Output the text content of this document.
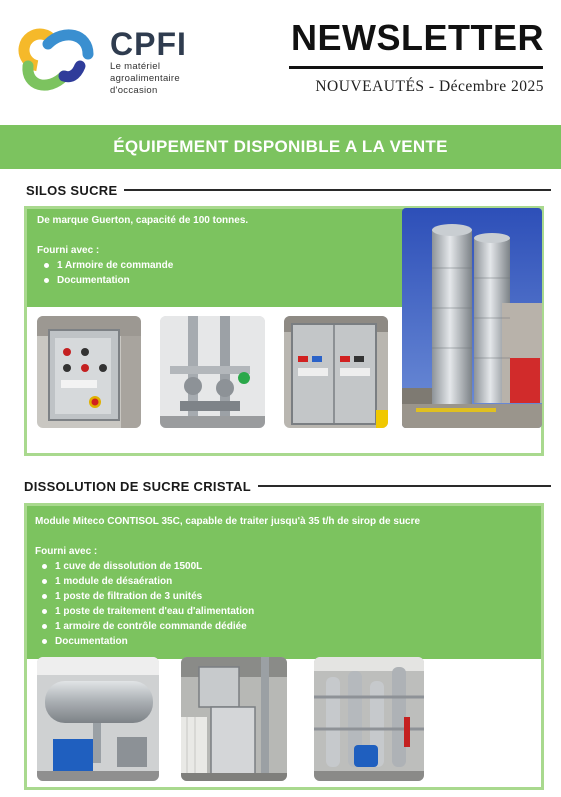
CPFI
Le matériel
agroalimentaire
d'occasion
NEWSLETTER
NOUVEAUTÉS - Décembre 2025
ÉQUIPEMENT DISPONIBLE A LA VENTE
SILOS SUCRE

De marque Guerton, capacité de 100 tonnes.

Fourni avec :

1 Armoire de commande
Documentation
DISSOLUTION DE SUCRE CRISTAL

Module Miteco CONTISOL 35C, capable de traiter jusqu'à 35 t/h de sirop de sucre

Fourni avec :

1 cuve de dissolution de 1500L
1 module de désaération
1 poste de filtration de 3 unités
1 poste de traitement d'eau d'alimentation
1 armoire de contrôle commande dédiée
Documentation
